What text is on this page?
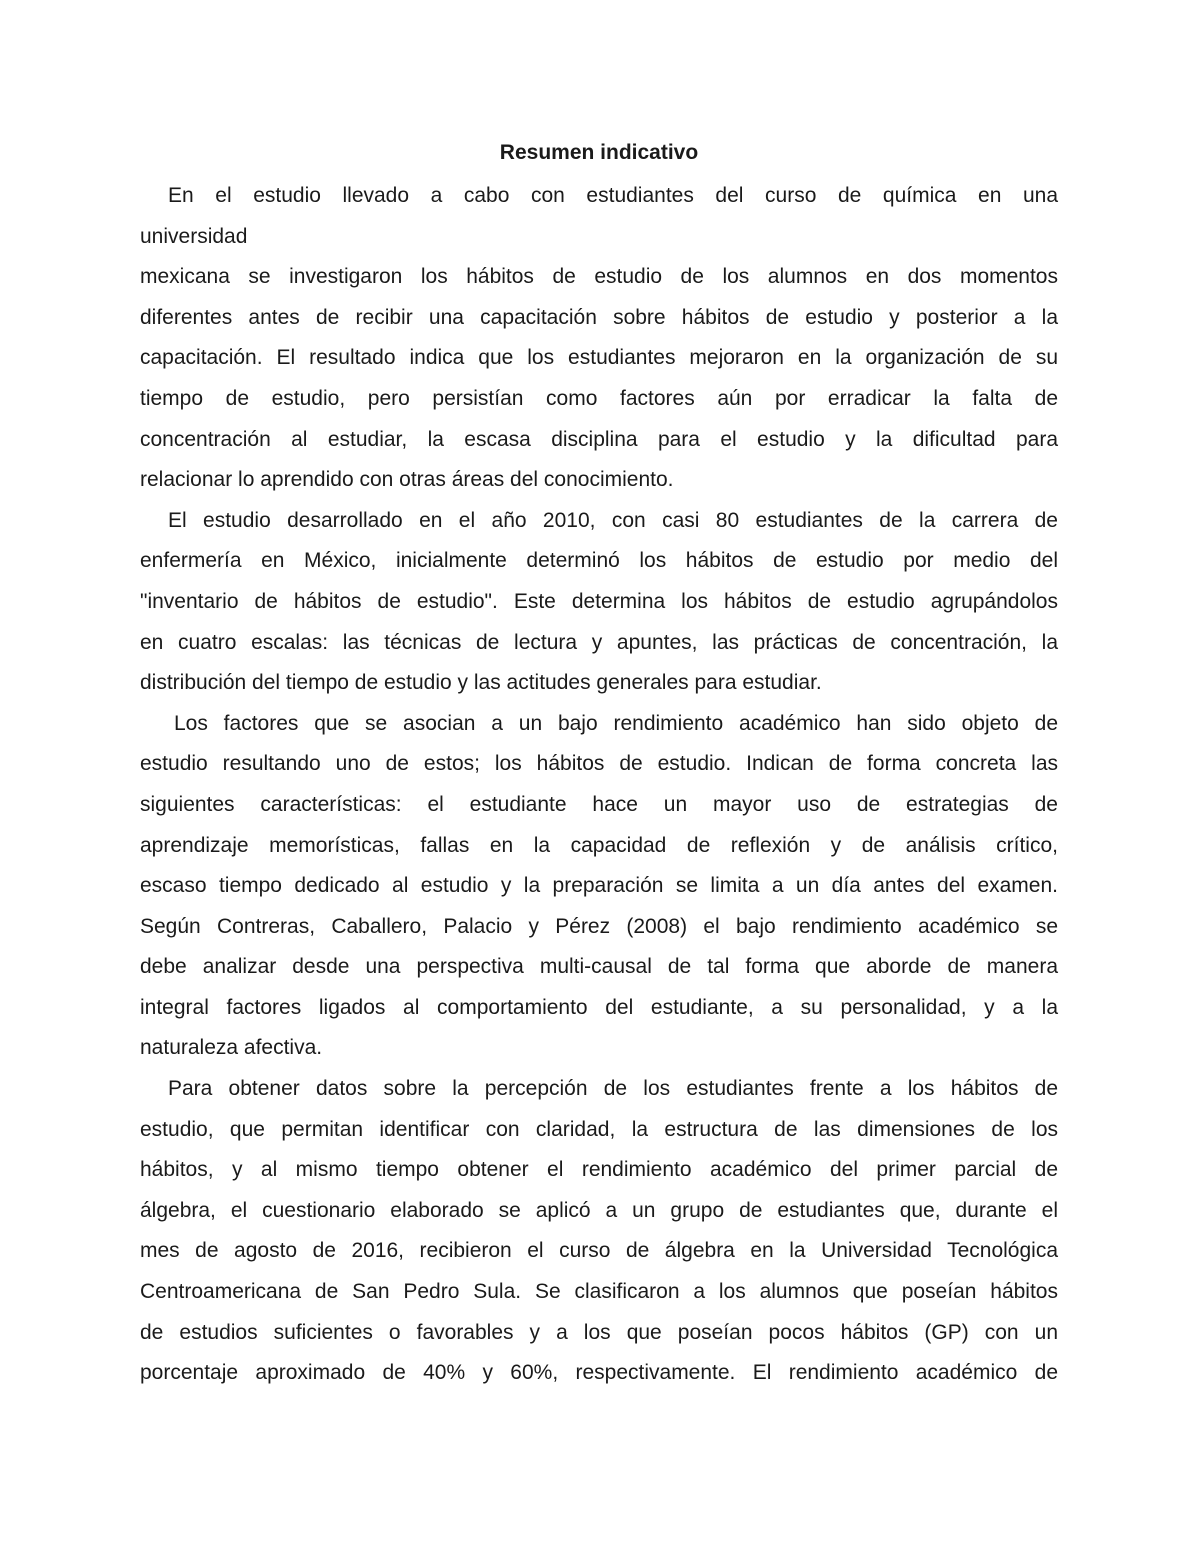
Resumen indicativo
En el estudio llevado a cabo con estudiantes del curso de química en una
universidad
mexicana se investigaron los hábitos de estudio de los alumnos en dos momentos
diferentes antes de recibir una capacitación sobre hábitos de estudio y posterior a la
capacitación. El resultado indica que los estudiantes mejoraron en la organización de su
tiempo de estudio, pero persistían como factores aún por erradicar la falta de
concentración al estudiar, la escasa disciplina para el estudio y la dificultad para
relacionar lo aprendido con otras áreas del conocimiento.
El estudio desarrollado en el año 2010, con casi 80 estudiantes de la carrera de
enfermería en México, inicialmente determinó los hábitos de estudio por medio del
"inventario de hábitos de estudio". Este determina los hábitos de estudio agrupándolos
en cuatro escalas: las técnicas de lectura y apuntes, las prácticas de concentración, la
distribución del tiempo de estudio y las actitudes generales para estudiar.
Los factores que se asocian a un bajo rendimiento académico han sido objeto de
estudio resultando uno de estos; los hábitos de estudio. Indican de forma concreta las
siguientes características: el estudiante hace un mayor uso de estrategias de
aprendizaje memorísticas, fallas en la capacidad de reflexión y de análisis crítico,
escaso tiempo dedicado al estudio y la preparación se limita a un día antes del examen.
Según Contreras, Caballero, Palacio y Pérez (2008) el bajo rendimiento académico se
debe analizar desde una perspectiva multi-causal de tal forma que aborde de manera
integral factores ligados al comportamiento del estudiante, a su personalidad, y a la
naturaleza afectiva.
Para obtener datos sobre la percepción de los estudiantes frente a los hábitos de
estudio, que permitan identificar con claridad, la estructura de las dimensiones de los
hábitos, y al mismo tiempo obtener el rendimiento académico del primer parcial de
álgebra, el cuestionario elaborado se aplicó a un grupo de estudiantes que, durante el
mes de agosto de 2016, recibieron el curso de álgebra en la Universidad Tecnológica
Centroamericana de San Pedro Sula. Se clasificaron a los alumnos que poseían hábitos
de estudios suficientes o favorables y a los que poseían pocos hábitos (GP) con un
porcentaje aproximado de 40% y 60%, respectivamente. El rendimiento académico de
